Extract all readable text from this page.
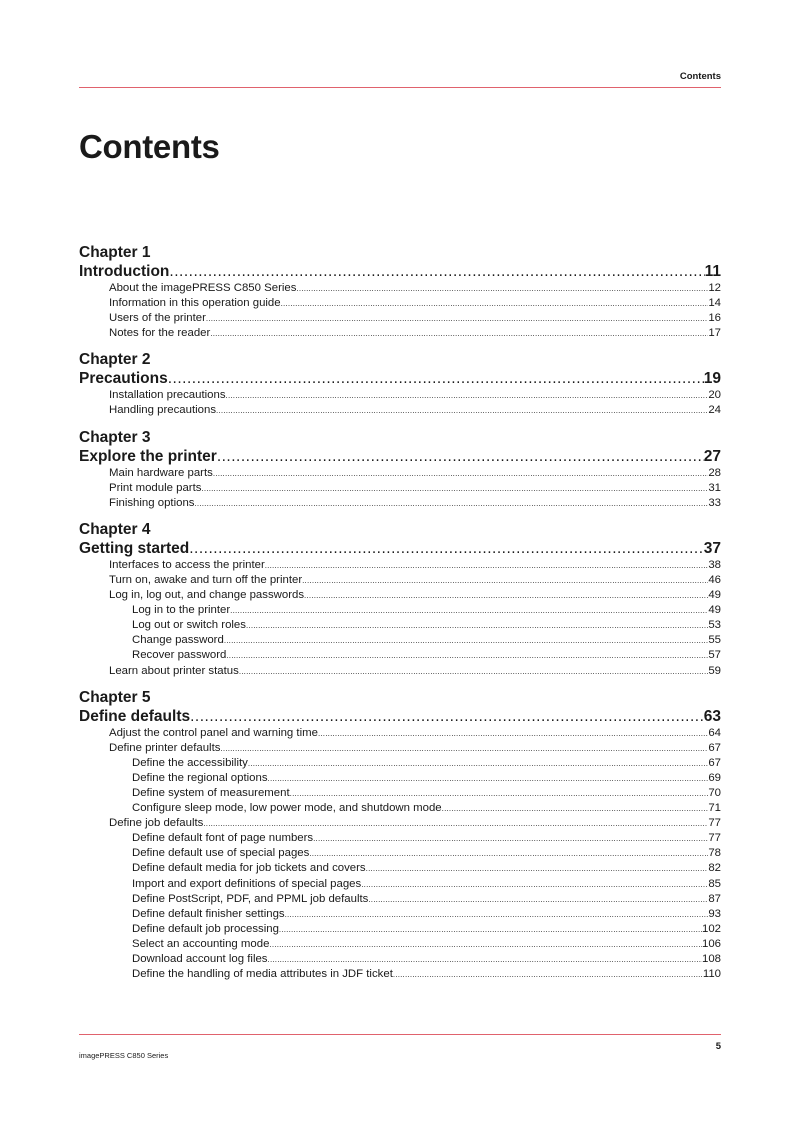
Contents
Contents
Chapter 1
Introduction .....	11
About the imagePRESS C850 Series .....	12
Information in this operation guide .....	14
Users of the printer .....	16
Notes for the reader .....	17
Chapter 2
Precautions .....	19
Installation precautions .....	20
Handling precautions .....	24
Chapter 3
Explore the printer .....	27
Main hardware parts .....	28
Print module parts .....	31
Finishing options .....	33
Chapter 4
Getting started .....	37
Interfaces to access the printer .....	38
Turn on, awake and turn off the printer .....	46
Log in, log out, and change passwords .....	49
Log in to the printer .....	49
Log out or switch roles .....	53
Change password .....	55
Recover password .....	57
Learn about printer status .....	59
Chapter 5
Define defaults .....	63
Adjust the control panel and warning time .....	64
Define printer defaults .....	67
Define the accessibility .....	67
Define the regional options .....	69
Define system of measurement .....	70
Configure sleep mode, low power mode, and shutdown mode .....	71
Define job defaults .....	77
Define default font of page numbers .....	77
Define default use of special pages .....	78
Define default media for job tickets and covers .....	82
Import and export definitions of special pages .....	85
Define PostScript, PDF, and PPML job defaults .....	87
Define default finisher settings .....	93
Define default job processing .....	102
Select an accounting mode .....	106
Download account log files .....	108
Define the handling of media attributes in JDF ticket .....	110
imagePRESS C850 Series
5
